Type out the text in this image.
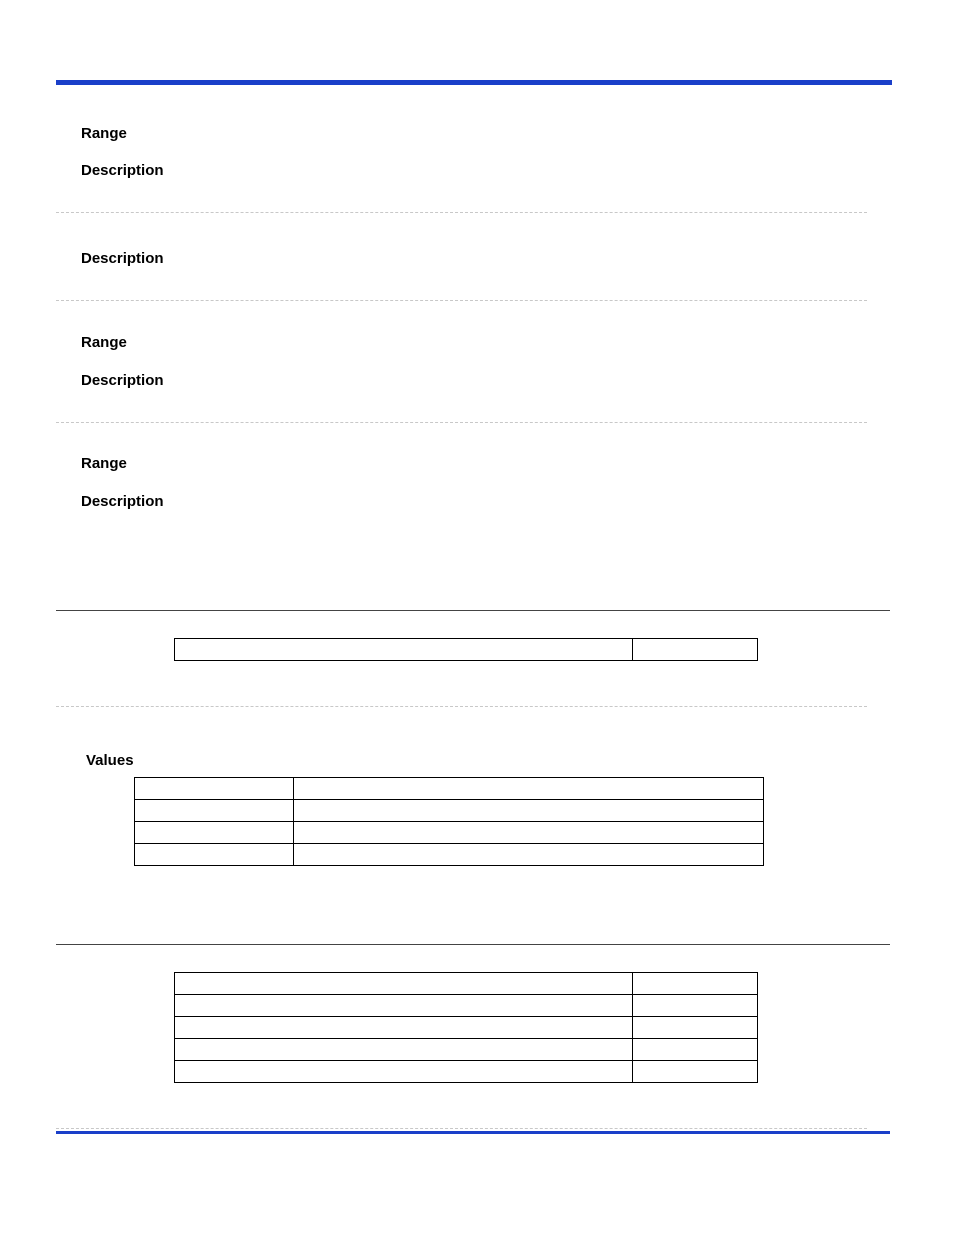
Range
Description
Description
Range
Description
Range
Description

Values
